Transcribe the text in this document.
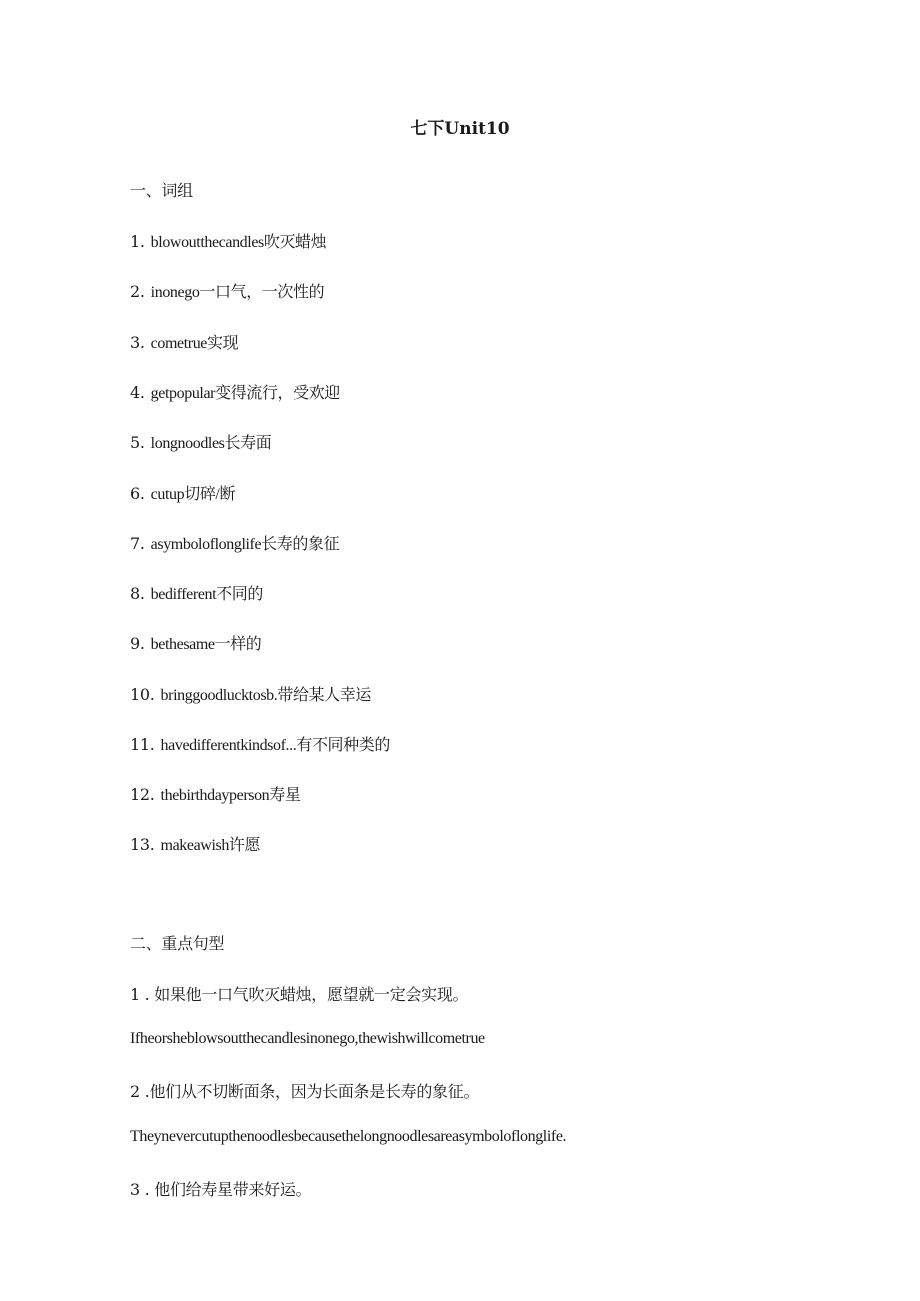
七下Unit10
一、词组
1. blowoutthecandles吹灭蜡烛
2. inonego一口气，一次性的
3. cometrue实现
4. getpopular变得流行，受欢迎
5. longnoodles长寿面
6. cutup切碎/断
7. asymboloflonglife长寿的象征
8. bedifferent不同的
9. bethesame一样的
10. bringgoodlucktosb.带给某人幸运
11. havedifferentkindsof...有不同种类的
12. thebirthdayperson寿星
13. makeawish许愿
二、重点句型
1 . 如果他一口气吹灭蜡烛，愿望就一定会实现。
Ifheorsheblowsoutthecandlesinonego,thewishwillcometrue
2 .他们从不切断面条，因为长面条是长寿的象征。
Theynevercutupthenoodlesbecausethelongnoodlesareasymboloflonglife.
3 . 他们给寿星带来好运。
